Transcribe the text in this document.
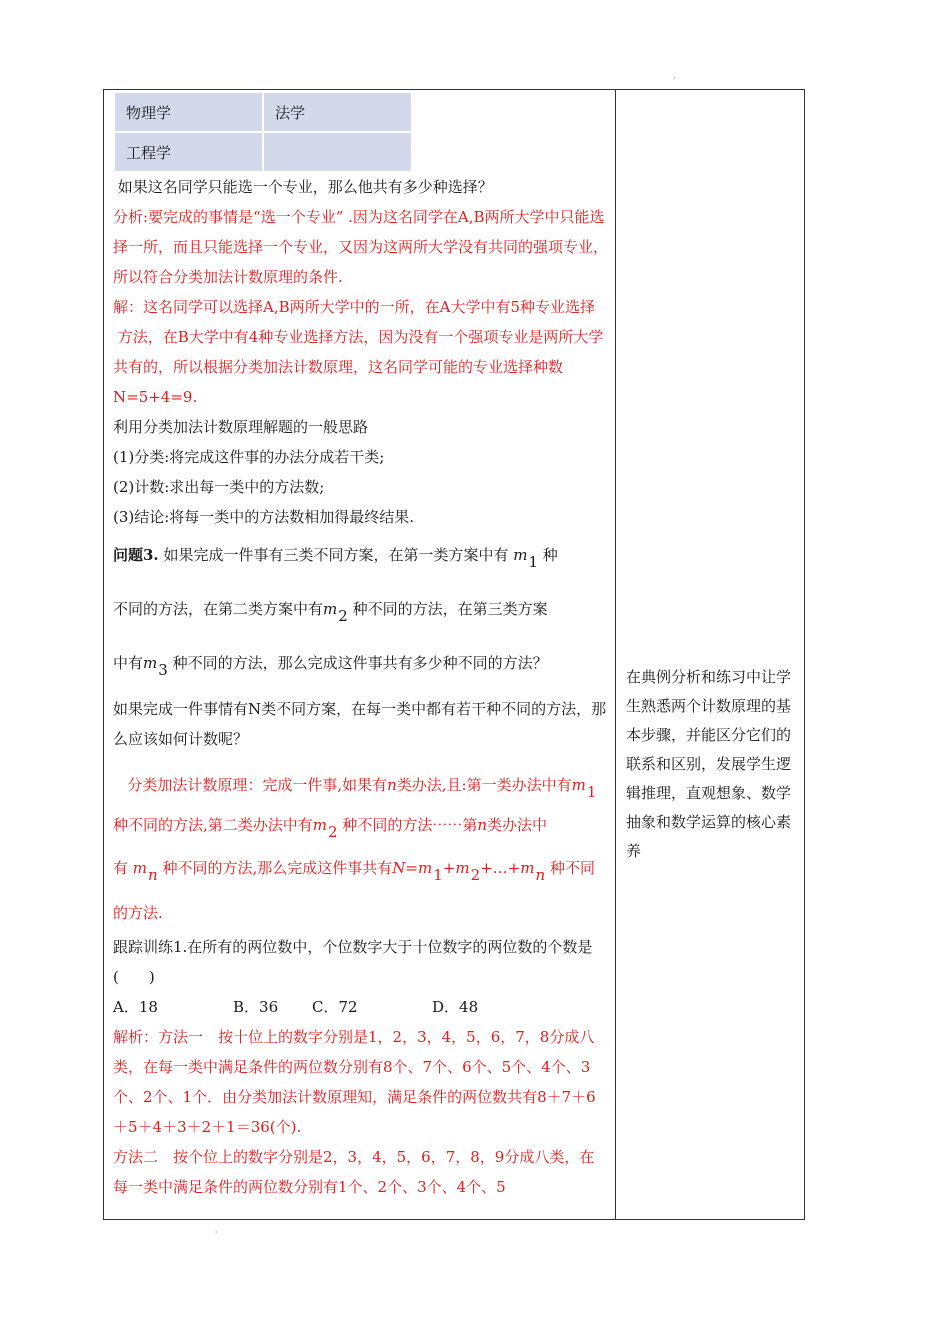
·
·
物理学	法学
工程学	

如果这名同学只能选一个专业，那么他共有多少种选择？

分析:要完成的事情是“选一个专业” .因为这名同学在A,B两所大学中只能选择一所，而且只能选择一个专业，又因为这两所大学没有共同的强项专业，所以符合分类加法计数原理的条件.

解：这名同学可以选择A,B两所大学中的一所，在A大学中有5种专业选择

方法，在B大学中有4种专业选择方法，因为没有一个强项专业是两所大学共有的，所以根据分类加法计数原理，这名同学可能的专业选择种数N=5+4=9.

利用分类加法计数原理解题的一般思路

(1)分类:将完成这件事的办法分成若干类;

(2)计数:求出每一类中的方法数;

(3)结论:将每一类中的方法数相加得最终结果.

问题3. 如果完成一件事有三类不同方案，在第一类方案中有 m1 种

不同的方法，在第二类方案中有m2 种不同的方法，在第三类方案

中有m3 种不同的方法，那么完成这件事共有多少种不同的方法？

如果完成一件事情有N类不同方案，在每一类中都有若干种不同的方法，那么应该如何计数呢？

分类加法计数原理：完成一件事,如果有n类办法,且:第一类办法中有m1 种不同的方法,第二类办法中有m2 种不同的方法⋯⋯第n类办法中

有 mn 种不同的方法,那么完成这件事共有N=m1+m2+…+mn 种不同的方法.

跟踪训练1.在所有的两位数中，个位数字大于十位数字的两位数的个数是(　　)

A．18	B．36 C．72	D．48

解析：方法一　按十位上的数字分别是1，2，3，4，5，6，7，8分成八类，在每一类中满足条件的两位数分别有8个、7个、6个、5个、4个、3个、2个、1个．由分类加法计数原理知，满足条件的两位数共有8＋7＋6＋5＋4＋3＋2＋1＝36(个).

方法二　按个位上的数字分别是2，3，4，5，6，7，8，9分成八类，在每一类中满足条件的两位数分别有1个、2个、3个、4个、5

在典例分析和练习中让学生熟悉两个计数原理的基本步骤，并能区分它们的联系和区别，发展学生逻辑推理，直观想象、数学抽象和数学运算的核心素养
